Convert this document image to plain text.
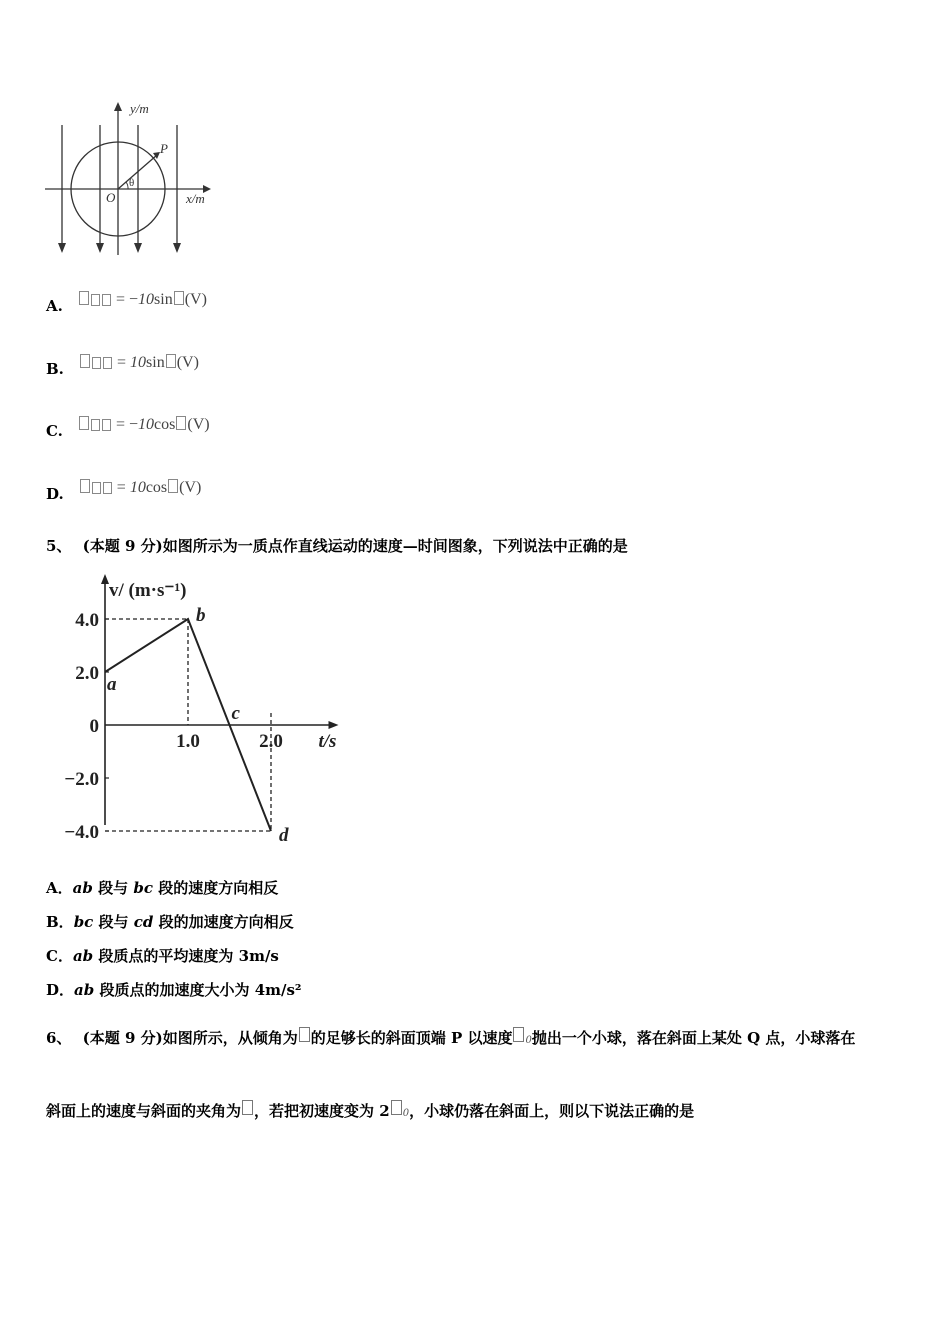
y/m
x/m
O
P
θ
A.	= −10sin (V)
B.	= 10sin (V)
C.	= −10cos (V)
D.	= 10cos (V)
5、 (本题 9 分)如图所示为一质点作直线运动的速度—时间图象，下列说法中正确的是
v/ (m·s⁻¹)
t/s
4.0
2.0
0
−2.0
−4.0
1.0	2.0
a
b
c
d
A．ab 段与 bc 段的速度方向相反
B．bc 段与 cd 段的加速度方向相反
C．ab 段质点的平均速度为 3m/s
D．ab 段质点的加速度大小为 4m/s²
6、 (本题 9 分)如图所示，从倾角为 的足够长的斜面顶端 P 以速度 0抛出一个小球，落在斜面上某处 Q 点，小球落在
斜面上的速度与斜面的夹角为 ，若把初速度变为 2 0，小球仍落在斜面上，则以下说法正确的是
